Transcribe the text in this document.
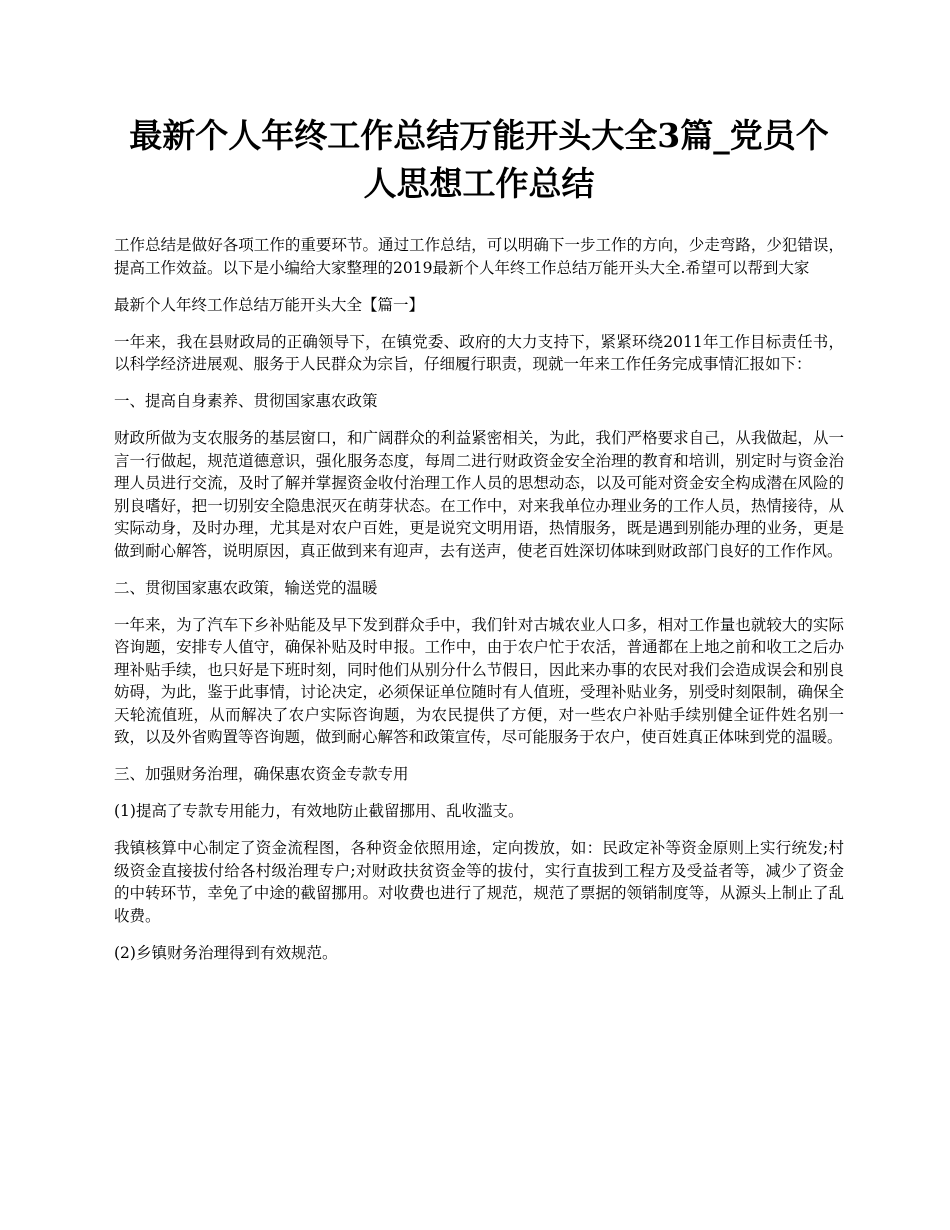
最新个人年终工作总结万能开头大全3篇_党员个人思想工作总结

工作总结是做好各项工作的重要环节。通过工作总结，可以明确下一步工作的方向，少走弯路，少犯错误，提高工作效益。以下是小编给大家整理的2019最新个人年终工作总结万能开头大全.希望可以帮到大家

最新个人年终工作总结万能开头大全【篇一】

一年来，我在县财政局的正确领导下，在镇党委、政府的大力支持下，紧紧环绕2011年工作目标责任书，以科学经济进展观、服务于人民群众为宗旨，仔细履行职责，现就一年来工作任务完成事情汇报如下：

一、提高自身素养、贯彻国家惠农政策

财政所做为支农服务的基层窗口，和广阔群众的利益紧密相关，为此，我们严格要求自己，从我做起，从一言一行做起，规范道德意识，强化服务态度，每周二进行财政资金安全治理的教育和培训，别定时与资金治理人员进行交流，及时了解并掌握资金收付治理工作人员的思想动态，以及可能对资金安全构成潜在风险的别良嗜好，把一切别安全隐患泯灭在萌芽状态。在工作中，对来我单位办理业务的工作人员，热情接待，从实际动身，及时办理，尤其是对农户百姓，更是说究文明用语，热情服务，既是遇到别能办理的业务，更是做到耐心解答，说明原因，真正做到来有迎声，去有送声，使老百姓深切体味到财政部门良好的工作作风。

二、贯彻国家惠农政策，输送党的温暖

一年来，为了汽车下乡补贴能及早下发到群众手中，我们针对古城农业人口多，相对工作量也就较大的实际咨询题，安排专人值守，确保补贴及时申报。工作中，由于农户忙于农活，普通都在上地之前和收工之后办理补贴手续，也只好是下班时刻，同时他们从别分什么节假日，因此来办事的农民对我们会造成误会和别良妨碍，为此，鉴于此事情，讨论决定，必须保证单位随时有人值班，受理补贴业务，别受时刻限制，确保全天轮流值班，从而解决了农户实际咨询题，为农民提供了方便，对一些农户补贴手续别健全证件姓名别一致，以及外省购置等咨询题，做到耐心解答和政策宣传，尽可能服务于农户，使百姓真正体味到党的温暖。

三、加强财务治理，确保惠农资金专款专用

(1)提高了专款专用能力，有效地防止截留挪用、乱收滥支。

我镇核算中心制定了资金流程图，各种资金依照用途，定向拨放，如：民政定补等资金原则上实行统发;村级资金直接拔付给各村级治理专户;对财政扶贫资金等的拔付，实行直拔到工程方及受益者等，减少了资金的中转环节，幸免了中途的截留挪用。对收费也进行了规范，规范了票据的领销制度等，从源头上制止了乱收费。

(2)乡镇财务治理得到有效规范。
